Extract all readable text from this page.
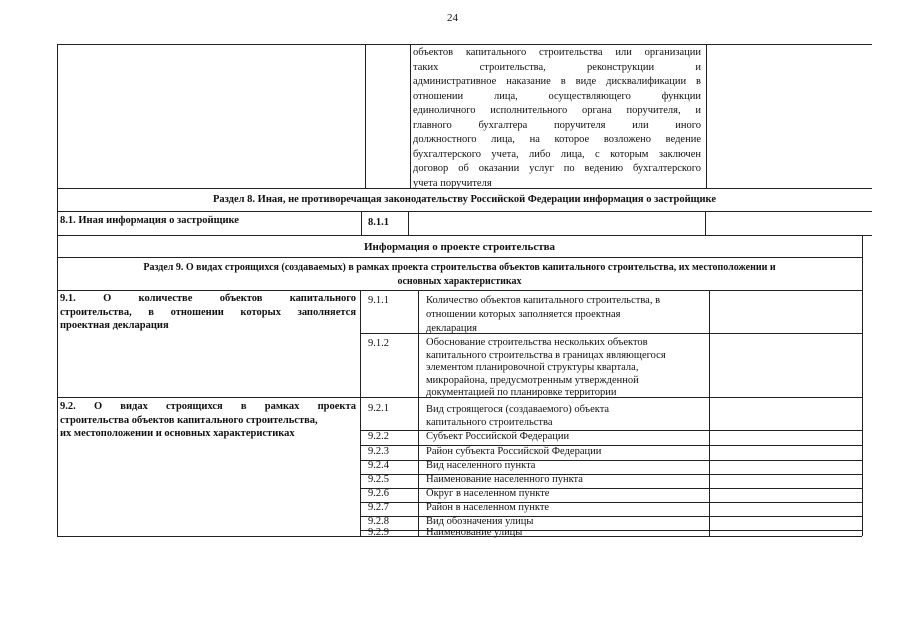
24
объектов капитального строительства или организации
таких строительства, реконструкции и
административное наказание в виде дисквалификации в
отношении лица, осуществляющего функции
единоличного исполнительного органа поручителя, и
главного бухгалтера поручителя или иного
должностного лица, на которое возложено ведение
бухгалтерского учета, либо лица, с которым заключен
договор об оказании услуг по ведению бухгалтерского
учета поручителя
Раздел 8. Иная, не противоречащая законодательству Российской Федерации информация о застройщике
8.1. Иная информация о застройщике	8.1.1
Информация о проекте строительства
Раздел 9. О видах строящихся (создаваемых) в рамках проекта строительства объектов капитального строительства, их местоположении и
основных характеристиках
9.1. О количестве объектов капитального
строительства, в отношении которых заполняется
проектная декларация
9.1.1	Количество объектов капитального строительства, в
отношении которых заполняется проектная
декларация
9.1.2	Обоснование строительства нескольких объектов
капитального строительства в границах являющегося
элементом планировочной структуры квартала,
микрорайона, предусмотренным утвержденной
документацией по планировке территории
9.2. О видах строящихся в рамках проекта
строительства объектов капитального строительства,
их местоположении и основных характеристиках
9.2.1	Вид строящегося (создаваемого) объекта
капитального строительства
9.2.2	Субъект Российской Федерации
9.2.3	Район субъекта Российской Федерации
9.2.4	Вид населенного пункта
9.2.5	Наименование населенного пункта
9.2.6	Округ в населенном пункте
9.2.7	Район в населенном пункте
9.2.8	Вид обозначения улицы
9.2.9	Наименование улицы
